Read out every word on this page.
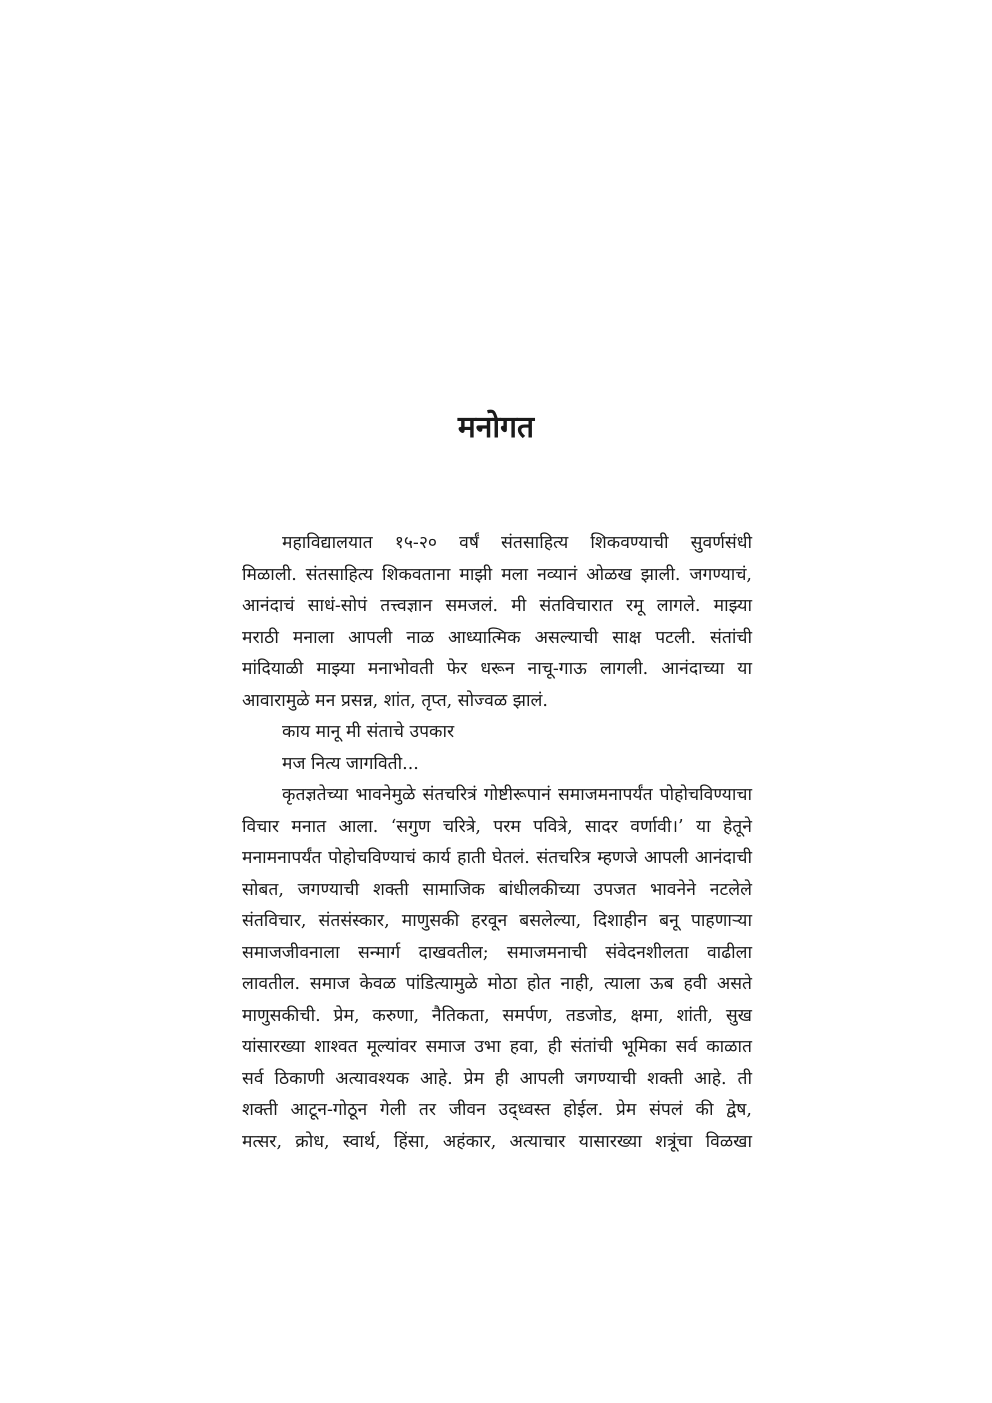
मनोगत
महाविद्यालयात १५-२० वर्षं संतसाहित्य शिकवण्याची सुवर्णसंधी
मिळाली. संतसाहित्य शिकवताना माझी मला नव्यानं ओळख झाली. जगण्याचं,
आनंदाचं साधं-सोपं तत्त्वज्ञान समजलं. मी संतविचारात रमू लागले. माझ्या
मराठी मनाला आपली नाळ आध्यात्मिक असल्याची साक्ष पटली. संतांची
मांदियाळी माझ्या मनाभोवती फेर धरून नाचू-गाऊ लागली. आनंदाच्या या
आवारामुळे मन प्रसन्न, शांत, तृप्त, सोज्वळ झालं.
काय मानू मी संताचे उपकार
मज नित्य जागविती...
कृतज्ञतेच्या भावनेमुळे संतचरित्रं गोष्टीरूपानं समाजमनापर्यंत पोहोचविण्याचा
विचार मनात आला. ‘सगुण चरित्रे, परम पवित्रे, सादर वर्णावी।’ या हेतूने
मनामनापर्यंत पोहोचविण्याचं कार्य हाती घेतलं. संतचरित्र म्हणजे आपली आनंदाची
सोबत, जगण्याची शक्ती सामाजिक बांधीलकीच्या उपजत भावनेने नटलेले
संतविचार, संतसंस्कार, माणुसकी हरवून बसलेल्या, दिशाहीन बनू पाहणाऱ्या
समाजजीवनाला सन्मार्ग दाखवतील; समाजमनाची संवेदनशीलता वाढीला
लावतील. समाज केवळ पांडित्यामुळे मोठा होत नाही, त्याला ऊब हवी असते
माणुसकीची. प्रेम, करुणा, नैतिकता, समर्पण, तडजोड, क्षमा, शांती, सुख
यांसारख्या शाश्वत मूल्यांवर समाज उभा हवा, ही संतांची भूमिका सर्व काळात
सर्व ठिकाणी अत्यावश्यक आहे. प्रेम ही आपली जगण्याची शक्ती आहे. ती
शक्ती आटून-गोठून गेली तर जीवन उद्ध्वस्त होईल. प्रेम संपलं की द्वेष,
मत्सर, क्रोध, स्वार्थ, हिंसा, अहंकार, अत्याचार यासारख्या शत्रूंचा विळखा
